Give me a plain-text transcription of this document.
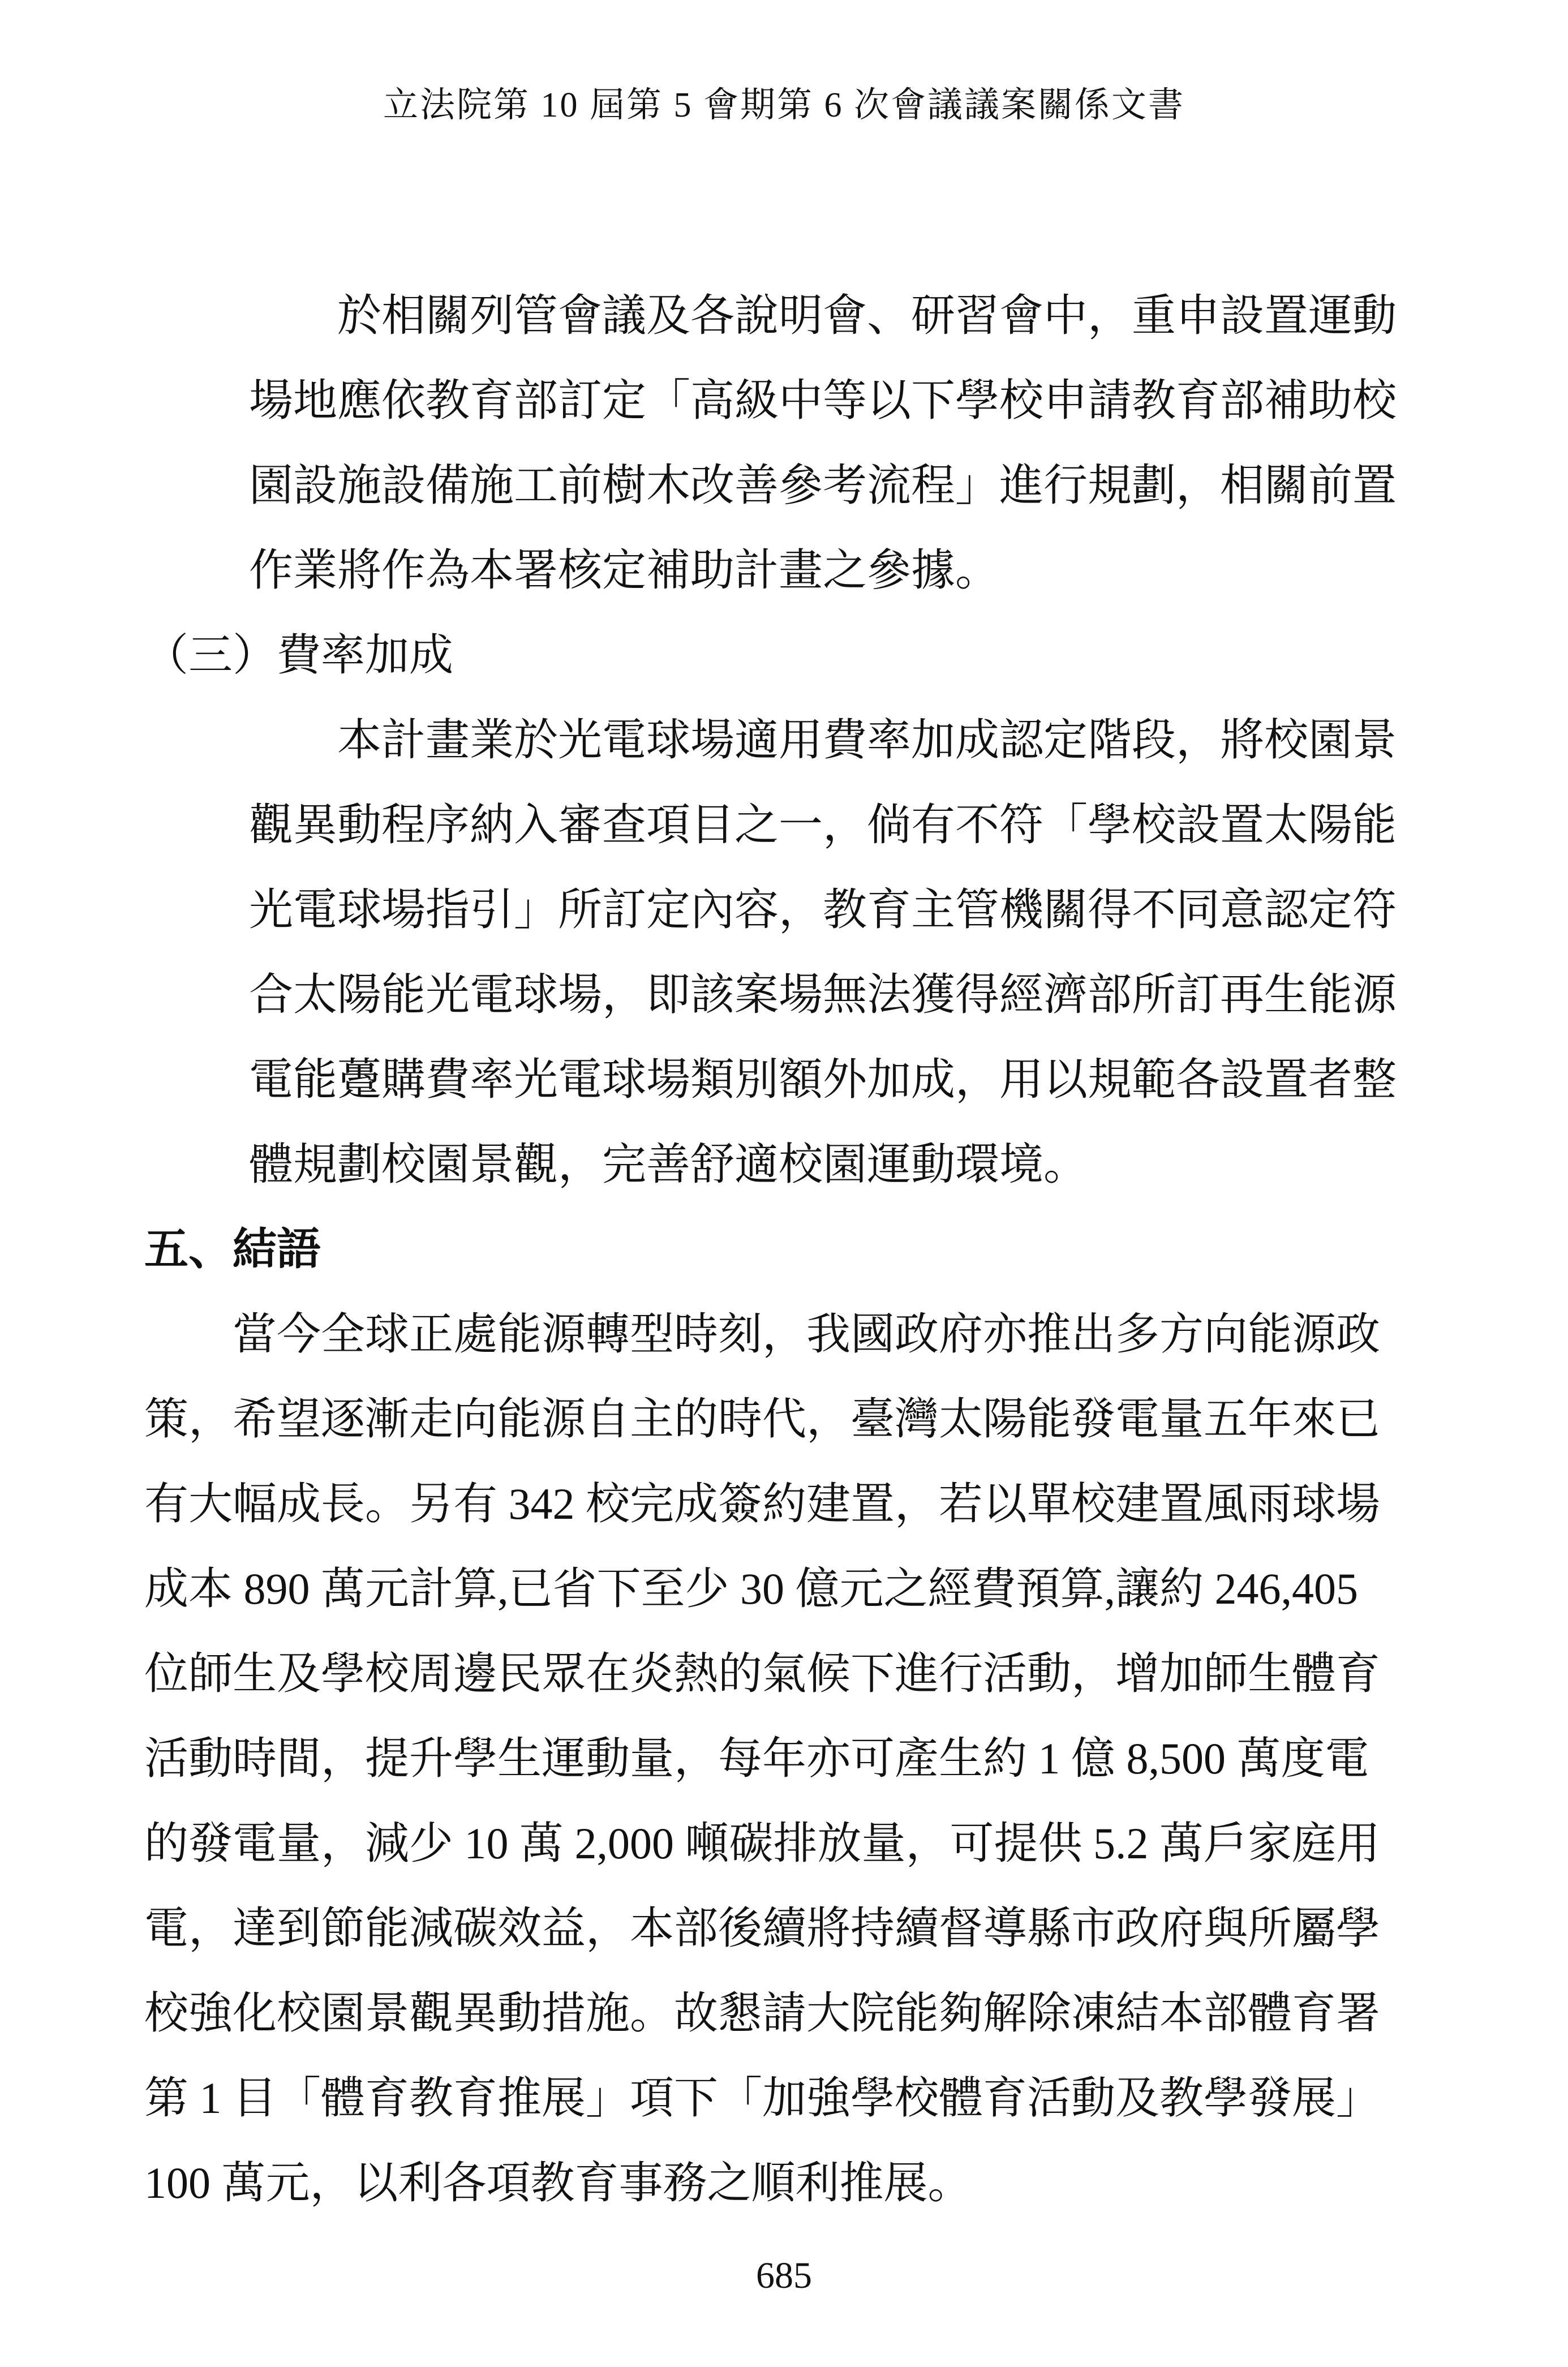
立法院第 10 屆第 5 會期第 6 次會議議案關係文書

於相關列管會議及各說明會、研習會中，重申設置運動
場地應依教育部訂定「高級中等以下學校申請教育部補助校
園設施設備施工前樹木改善參考流程」進行規劃，相關前置
作業將作為本署核定補助計畫之參據。

（三）費率加成

本計畫業於光電球場適用費率加成認定階段，將校園景
觀異動程序納入審查項目之一，倘有不符「學校設置太陽能
光電球場指引」所訂定內容，教育主管機關得不同意認定符
合太陽能光電球場，即該案場無法獲得經濟部所訂再生能源
電能躉購費率光電球場類別額外加成，用以規範各設置者整
體規劃校園景觀，完善舒適校園運動環境。

五、結語

當今全球正處能源轉型時刻，我國政府亦推出多方向能源政
策，希望逐漸走向能源自主的時代，臺灣太陽能發電量五年來已
有大幅成長。另有 342 校完成簽約建置，若以單校建置風雨球場
成本 890 萬元計算,已省下至少 30 億元之經費預算,讓約 246,405
位師生及學校周邊民眾在炎熱的氣候下進行活動，增加師生體育
活動時間，提升學生運動量，每年亦可產生約 1 億 8,500 萬度電
的發電量，減少 10 萬 2,000 噸碳排放量，可提供 5.2 萬戶家庭用
電，達到節能減碳效益，本部後續將持續督導縣市政府與所屬學
校強化校園景觀異動措施。故懇請大院能夠解除凍結本部體育署
第 1 目「體育教育推展」項下「加強學校體育活動及教學發展」
100 萬元，以利各項教育事務之順利推展。

685
